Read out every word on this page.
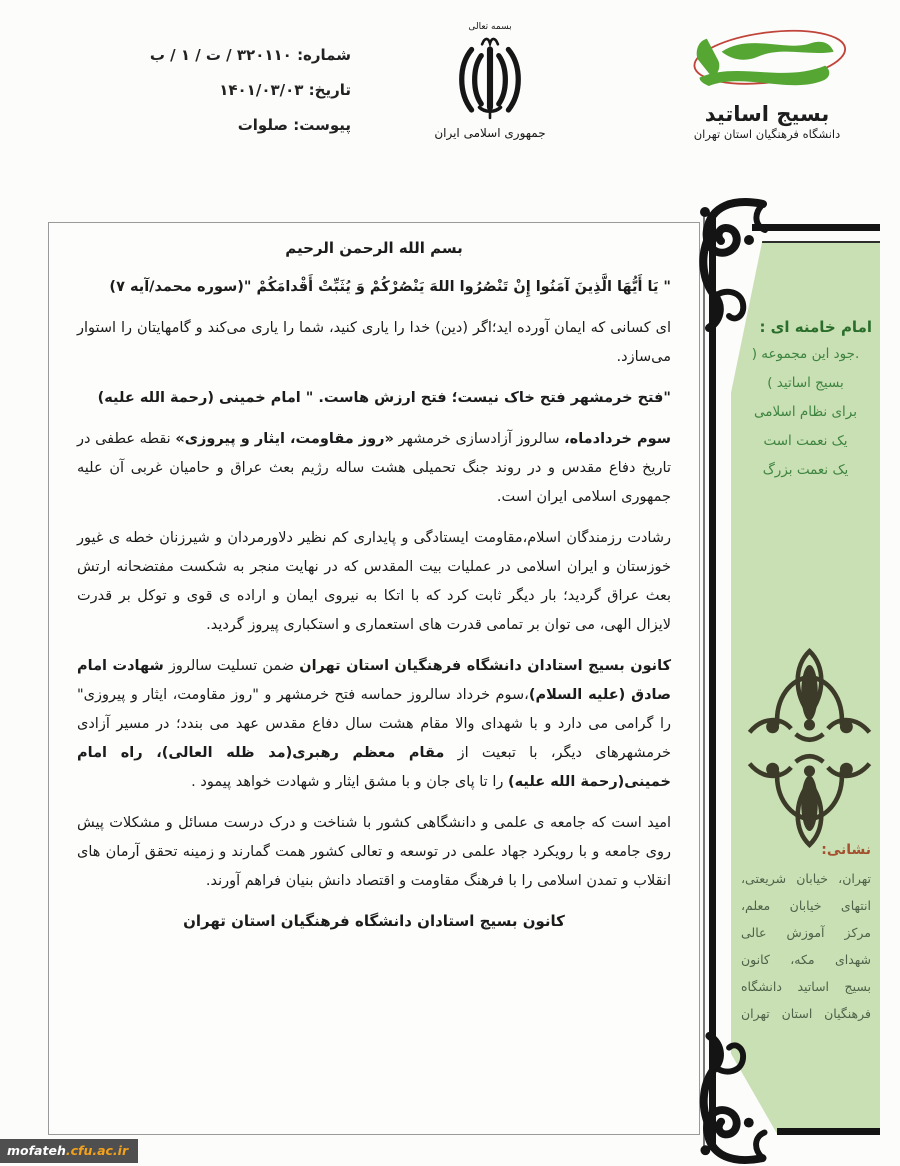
شماره: ۳۲۰۱۱۰ / ت / ۱ / ب
تاریخ: ۱۴۰۱/۰۳/۰۳
پیوست: صلوات
بسمه تعالی
جمهوری اسلامی ایران
بسیج اساتید
دانشگاه فرهنگیان استان تهران
بسم الله الرحمن الرحیم

" یَا أَیُّهَا الَّذِینَ آمَنُوا إِنْ تَنْصُرُوا اللهَ یَنْصُرْکُمْ وَ یُثَبِّتْ أَقْدامَکُمْ "(سوره محمد/آیه ۷)

ای کسانی که ایمان آورده اید؛اگر (دین) خدا را یاری کنید، شما را یاری می‌کند و گامهایتان را استوار می‌سازد.

"فتح خرمشهر فتح خاک نیست؛ فتح ارزش هاست. " امام خمینی (رحمة الله علیه)

سوم خردادماه، سالروز آزادسازی خرمشهر «روز مقاومت، ایثار و پیروزی» نقطه عطفی در تاریخ دفاع مقدس و در روند جنگ تحمیلی هشت ساله رژیم بعث عراق و حامیان غربی آن علیه جمهوری اسلامی ایران است.

رشادت رزمندگان اسلام،مقاومت ایستادگی و پایداری کم نظیر دلاورمردان و شیرزنان خطه ی غیور خوزستان و ایران اسلامی در عملیات بیت المقدس که در نهایت منجر به شکست مفتضحانه ارتش بعث عراق گردید؛ بار دیگر ثابت کرد که با اتکا به نیروی ایمان و اراده ی قوی و توکل بر قدرت لایزال الهی، می توان بر تمامی قدرت های استعماری و استکباری پیروز گردید.

کانون بسیج استادان دانشگاه فرهنگیان استان تهران ضمن تسلیت سالروز شهادت امام صادق (علیه السلام)،سوم خرداد سالروز حماسه فتح خرمشهر و "روز مقاومت، ایثار و پیروزی" را گرامی می دارد و با شهدای والا مقام هشت سال دفاع مقدس عهد می بندد؛ در مسیر آزادی خرمشهرهای دیگر، با تبعیت از مقام معظم رهبری(مد ظله العالی)، راه امام خمینی(رحمة الله علیه) را تا پای جان و با مشق ایثار و شهادت خواهد پیمود .

امید است که جامعه ی علمی و دانشگاهی کشور با شناخت و درک درست مسائل و مشکلات پیش روی جامعه و با رویکرد جهاد علمی در توسعه و تعالی کشور همت گمارند و زمینه تحقق آرمان های انقلاب و تمدن اسلامی را با فرهنگ مقاومت و اقتصاد دانش بنیان فراهم آورند.

کانون بسیج استادان دانشگاه فرهنگیان استان تهران
امام خامنه ای :
.جود این مجموعه (
بسیج اساتید )
برای نظام اسلامی
یک نعمت است
یک نعمت بزرگ
نشانی:
تهران، خیابان شریعتی،
انتهای خیابان معلم،
مرکز آموزش عالی
شهدای مکه، کانون
بسیج اساتید دانشگاه
فرهنگیان استان تهران
mofateh.cfu.ac.ir
